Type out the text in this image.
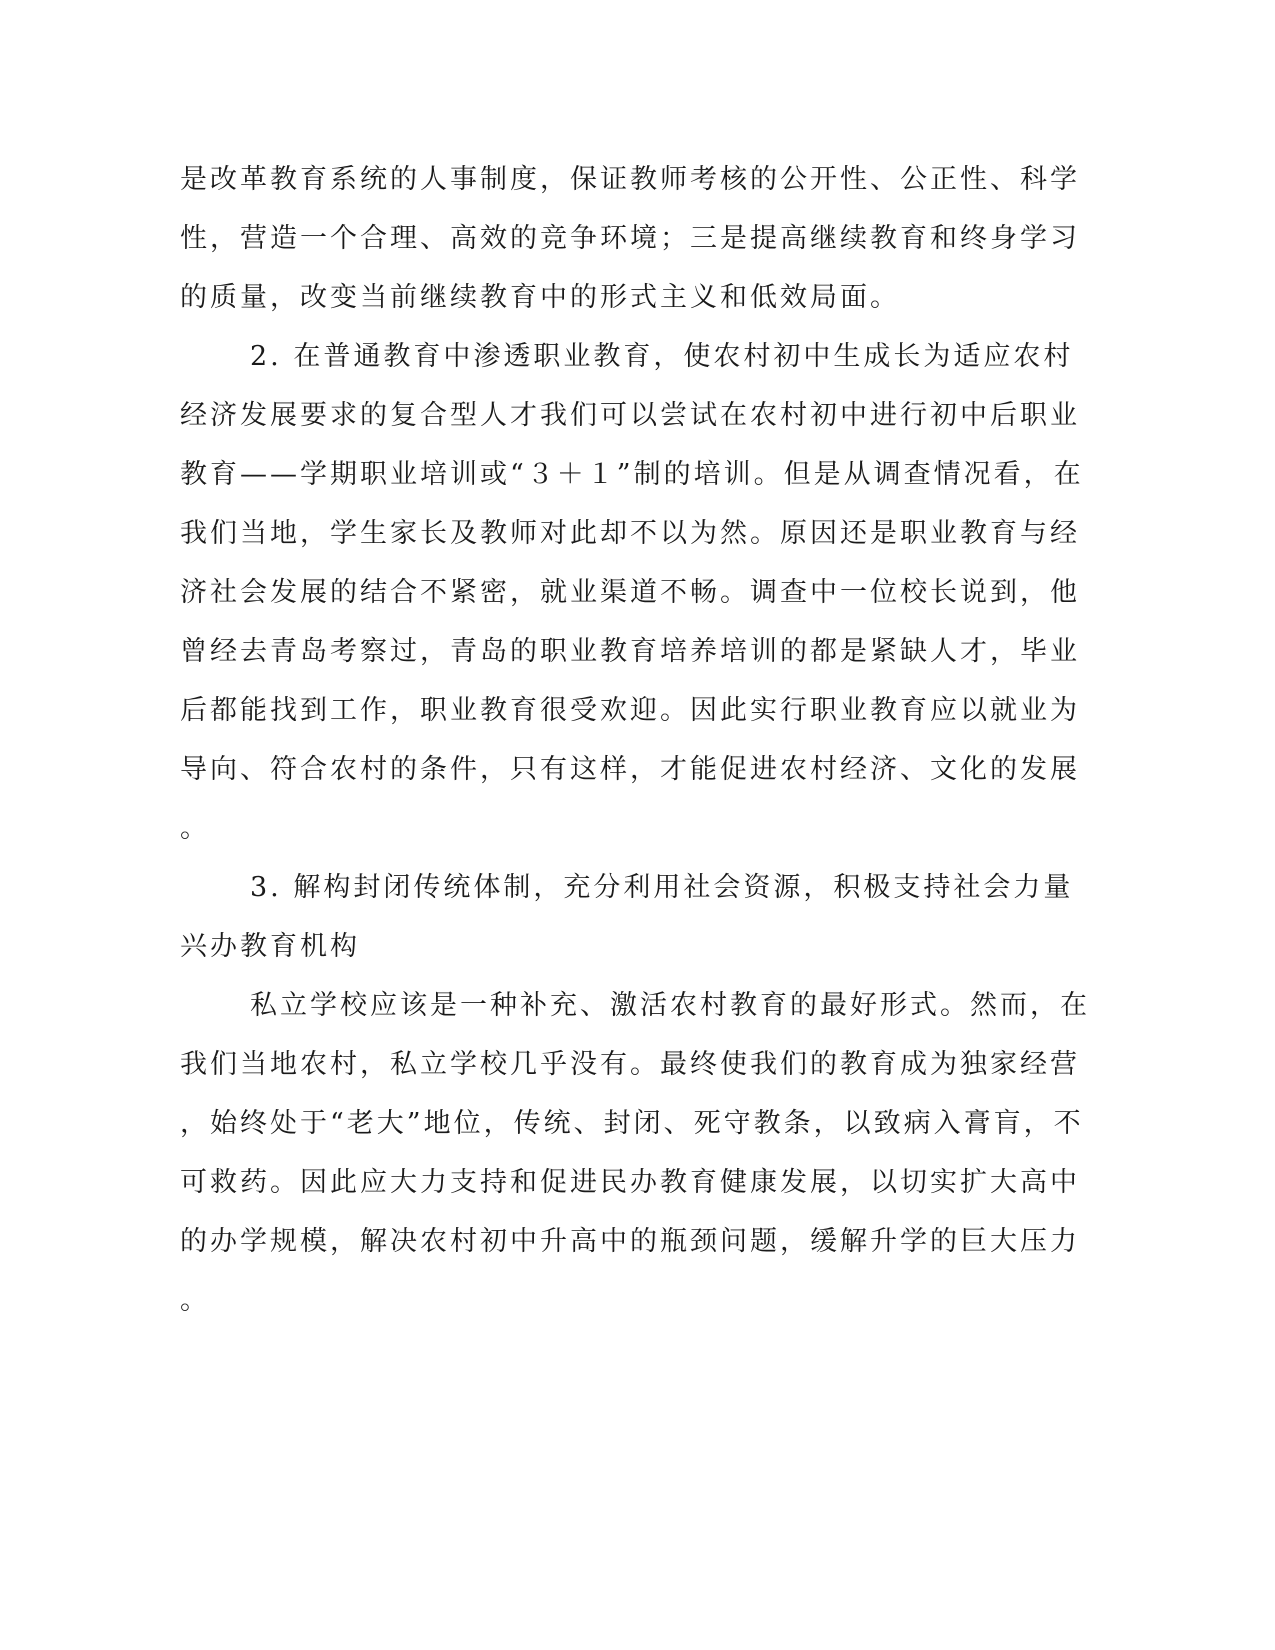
是改革教育系统的人事制度，保证教师考核的公开性、公正性、科学
性，营造一个合理、高效的竞争环境；三是提高继续教育和终身学习
的质量，改变当前继续教育中的形式主义和低效局面。
2. 在普通教育中渗透职业教育，使农村初中生成长为适应农村
经济发展要求的复合型人才我们可以尝试在农村初中进行初中后职业
教育——学期职业培训或“３＋１”制的培训。但是从调查情况看，在
我们当地，学生家长及教师对此却不以为然。原因还是职业教育与经
济社会发展的结合不紧密，就业渠道不畅。调查中一位校长说到，他
曾经去青岛考察过，青岛的职业教育培养培训的都是紧缺人才，毕业
后都能找到工作，职业教育很受欢迎。因此实行职业教育应以就业为
导向、符合农村的条件，只有这样，才能促进农村经济、文化的发展
。
3. 解构封闭传统体制，充分利用社会资源，积极支持社会力量
兴办教育机构
私立学校应该是一种补充、激活农村教育的最好形式。然而，在
我们当地农村，私立学校几乎没有。最终使我们的教育成为独家经营
，始终处于“老大”地位，传统、封闭、死守教条，以致病入膏肓，不
可救药。因此应大力支持和促进民办教育健康发展，以切实扩大高中
的办学规模，解决农村初中升高中的瓶颈问题，缓解升学的巨大压力
。
